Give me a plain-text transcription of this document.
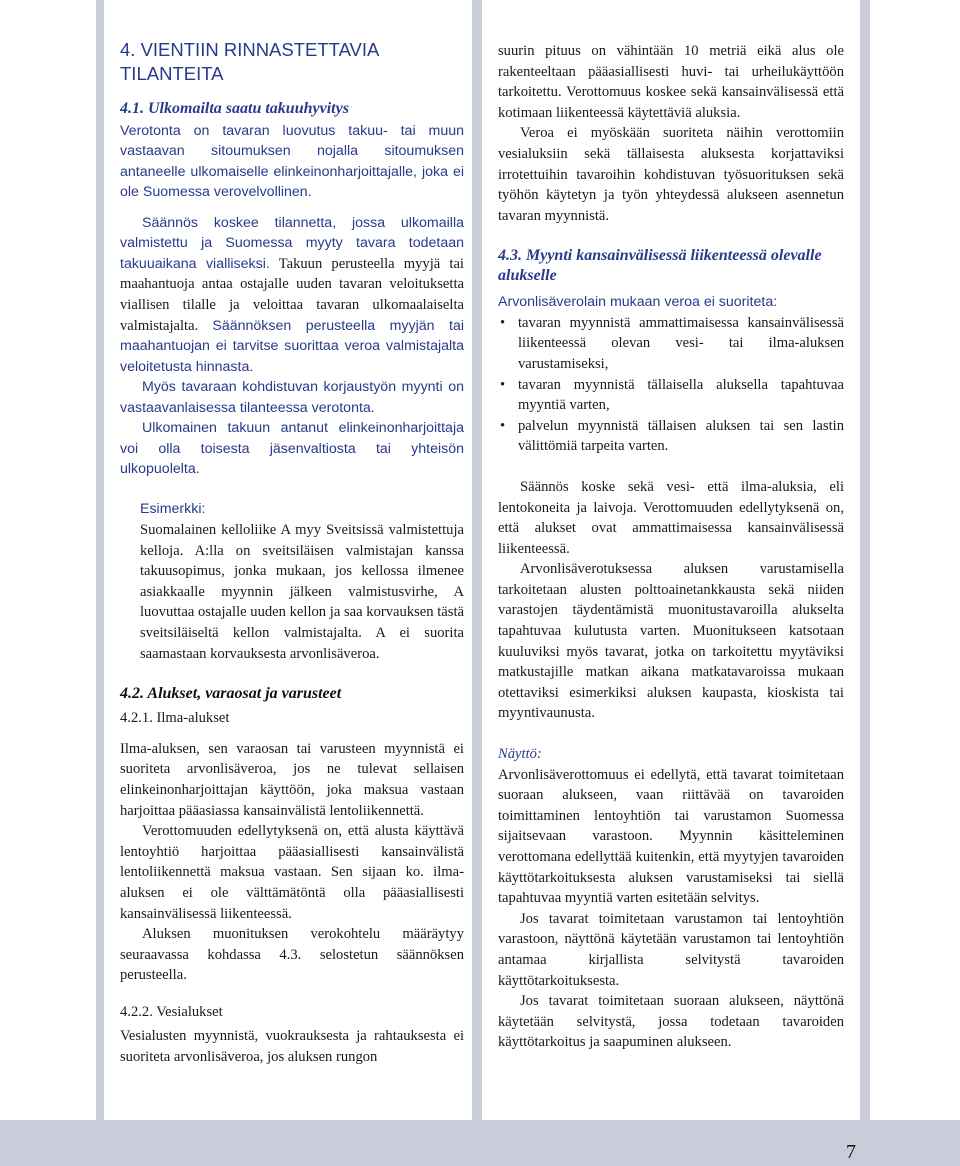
4. VIENTIIN RINNASTETTAVIA TILANTEITA
4.1. Ulkomailta saatu takuuhyvitys

Verotonta on tavaran luovutus takuu- tai muun vastaavan sitoumuksen nojalla sitoumuksen antaneelle ulkomaiselle elinkeinonharjoittajalle, joka ei ole Suomessa verovelvollinen.

Säännös koskee tilannetta, jossa ulkomailla valmistettu ja Suomessa myyty tavara todetaan takuuaikana vialliseksi. Takuun perusteella myyjä tai maahantuoja antaa ostajalle uuden tavaran veloituksetta viallisen tilalle ja veloittaa tavaran ulkomaalaiselta valmistajalta. Säännöksen perusteella myyjän tai maahantuojan ei tarvitse suorittaa veroa valmistajalta veloitetusta hinnasta.

Myös tavaraan kohdistuvan korjaustyön myynti on vastaavanlaisessa tilanteessa verotonta.

Ulkomainen takuun antanut elinkeinonharjoittaja voi olla toisesta jäsenvaltiosta tai yhteisön ulkopuolelta.

Esimerkki:

Suomalainen kelloliike A myy Sveitsissä valmistettuja kelloja. A:lla on sveitsiläisen valmistajan kanssa takuusopimus, jonka mukaan, jos kellossa ilmenee asiakkaalle myynnin jälkeen valmistusvirhe, A luovuttaa ostajalle uuden kellon ja saa korvauksen tästä sveitsiläiseltä kellon valmistajalta. A ei suorita saamastaan korvauksesta arvonlisäveroa.

4.2. Alukset, varaosat ja varusteet
4.2.1. Ilma-alukset

Ilma-aluksen, sen varaosan tai varusteen myynnistä ei suoriteta arvonlisäveroa, jos ne tulevat sellaisen elinkeinonharjoittajan käyttöön, joka maksua vastaan harjoittaa pääasiassa kansainvälistä lentoliikennettä.

Verottomuuden edellytyksenä on, että alusta käyttävä lentoyhtiö harjoittaa pääasiallisesti kansainvälistä lentoliikennettä maksua vastaan. Sen sijaan ko. ilma-aluksen ei ole välttämätöntä olla pääasiallisesti kansainvälisessä liikenteessä.

Aluksen muonituksen verokohtelu määräytyy seuraavassa kohdassa 4.3. selostetun säännöksen perusteella.

4.2.2. Vesialukset

Vesialusten myynnistä, vuokrauksesta ja rahtauksesta ei suoriteta arvonlisäveroa, jos aluksen rungon

suurin pituus on vähintään 10 metriä eikä alus ole rakenteeltaan pääasiallisesti huvi- tai urheilukäyttöön tarkoitettu. Verottomuus koskee sekä kansainvälisessä että kotimaan liikenteessä käytettäviä aluksia.

Veroa ei myöskään suoriteta näihin verottomiin vesialuksiin sekä tällaisesta aluksesta korjattaviksi irrotettuihin tavaroihin kohdistuvan työsuorituksen sekä työhön käytetyn ja työn yhteydessä alukseen asennetun tavaran myynnistä.

4.3. Myynti kansainvälisessä liikenteessä olevalle alukselle

Arvonlisäverolain mukaan veroa ei suoriteta:

• tavaran myynnistä ammattimaisessa kansainvälisessä liikenteessä olevan vesi- tai ilma-aluksen varustamiseksi,
• tavaran myynnistä tällaisella aluksella tapahtuvaa myyntiä varten,
• palvelun myynnistä tällaisen aluksen tai sen lastin välittömiä tarpeita varten.

Säännös koske sekä vesi- että ilma-aluksia, eli lentokoneita ja laivoja. Verottomuuden edellytyksenä on, että alukset ovat ammattimaisessa kansainvälisessä liikenteessä.

Arvonlisäverotuksessa aluksen varustamisella tarkoitetaan alusten polttoainetankkausta sekä niiden varastojen täydentämistä muonitustavaroilla alukselta tapahtuvaa kulutusta varten. Muonitukseen katsotaan kuuluviksi myös tavarat, jotka on tarkoitettu myytäviksi matkustajille matkan aikana matkatavaroissa mukaan otettaviksi esimerkiksi aluksen kaupasta, kioskista tai myyntivaunusta.

Näyttö:

Arvonlisäverottomuus ei edellytä, että tavarat toimitetaan suoraan alukseen, vaan riittävää on tavaroiden toimittaminen lentoyhtiön tai varustamon Suomessa sijaitsevaan varastoon. Myynnin käsitteleminen verottomana edellyttää kuitenkin, että myytyjen tavaroiden käyttötarkoituksesta aluksen varustamiseksi tai siellä tapahtuvaa myyntiä varten esitetään selvitys.

Jos tavarat toimitetaan varustamon tai lentoyhtiön varastoon, näyttönä käytetään varustamon tai lentoyhtiön antamaa kirjallista selvitystä tavaroiden käyttötarkoituksesta.

Jos tavarat toimitetaan suoraan alukseen, näyttönä käytetään selvitystä, jossa todetaan tavaroiden käyttötarkoitus ja saapuminen alukseen.

7
